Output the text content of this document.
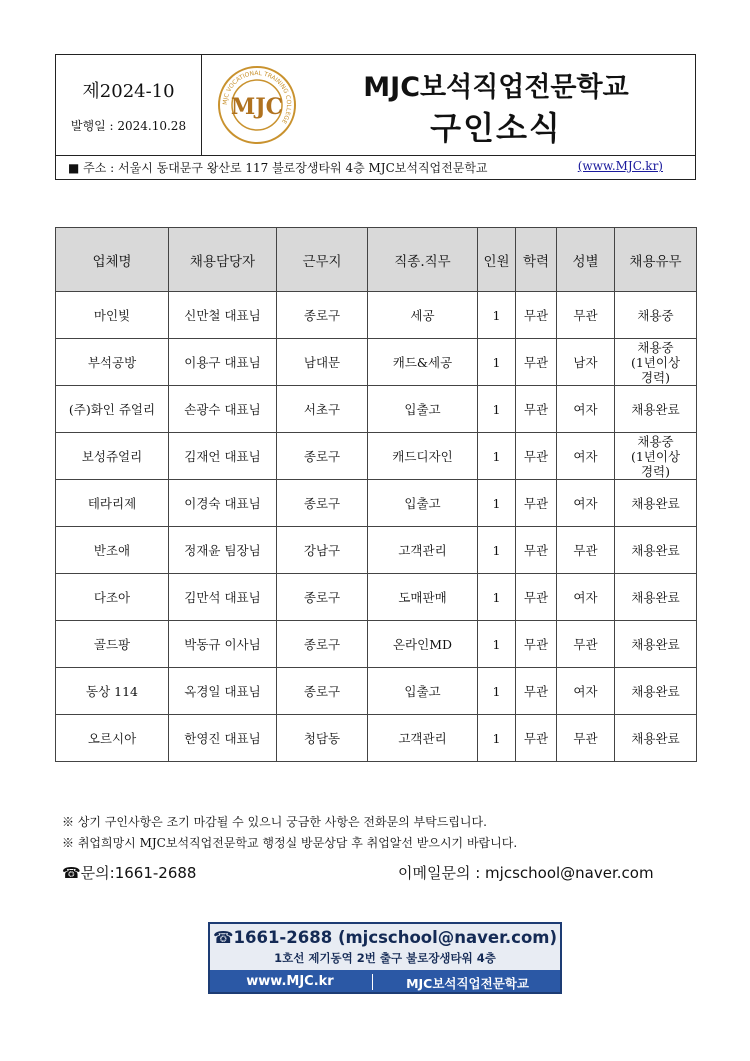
제2024-10
발행일 : 2024.10.28
MJC VOCATIONAL TRAINING COLLEGE
MJC
MJC보석직업전문학교
구인소식
■ 주소 : 서울시 동대문구 왕산로 117 불로장생타워 4층 MJC보석직업전문학교	(www.MJC.kr)
업체명	채용담당자	근무지	직종.직무	인원	학력	성별	채용유무
마인빛	신만철 대표님	종로구	세공	1	무관	무관	채용중

부석공방	이용구 대표님	남대문	캐드&세공	1	무관	남자	채용중
(1년이상
경력)

(주)화인 쥬얼리	손광수 대표님	서초구	입출고	1	무관	여자	채용완료

보성쥬얼리	김재언 대표님	종로구	캐드디자인	1	무관	여자	채용중
(1년이상
경력)

테라리제	이경숙 대표님	종로구	입출고	1	무관	여자	채용완료

반조애	정재윤 팀장님	강남구	고객관리	1	무관	무관	채용완료

다조아	김만석 대표님	종로구	도매판매	1	무관	여자	채용완료

골드팡	박동규 이사님	종로구	온라인MD	1	무관	무관	채용완료

동상 114	옥경일 대표님	종로구	입출고	1	무관	여자	채용완료

오르시아	한영진 대표님	청담동	고객관리	1	무관	무관	채용완료
※ 상기 구인사항은 조기 마감될 수 있으니 궁금한 사항은 전화문의 부탁드립니다.
※ 취업희망시 MJC보석직업전문학교 행정실 방문상담 후 취업알선 받으시기 바랍니다.
☎문의:1661-2688	이메일문의 : mjcschool@naver.com
☎1661-2688 (mjcschool@naver.com)
1호선 제기동역 2번 출구 불로장생타워 4층
www.MJC.kr	MJC보석직업전문학교
